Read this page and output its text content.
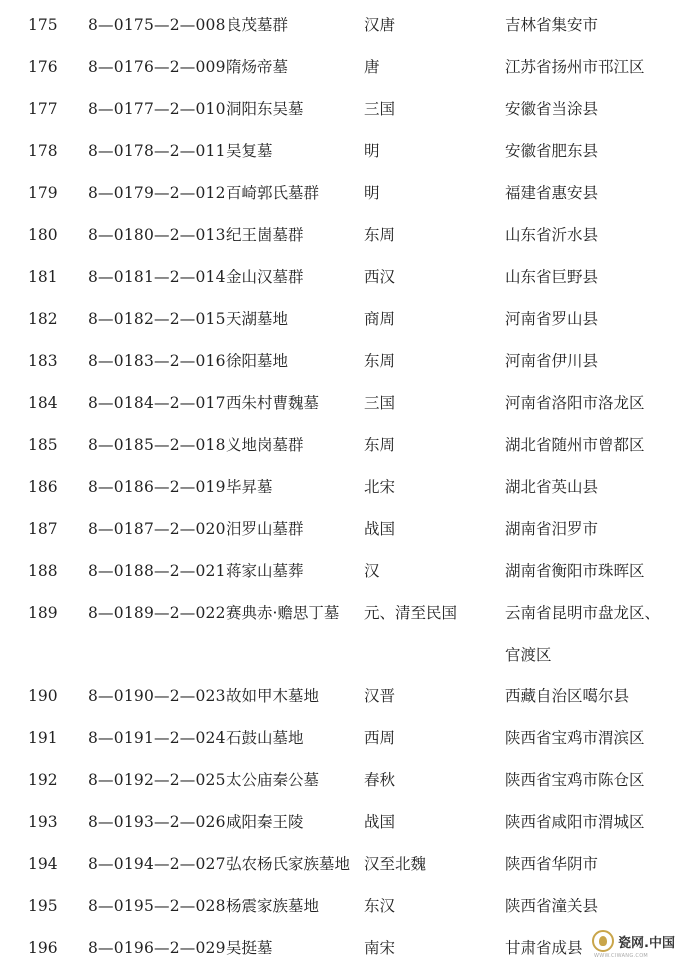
175 8—0175—2—008 良茂墓群	汉唐	吉林省集安市
176 8—0176—2—009 隋炀帝墓	唐	江苏省扬州市邗江区
177 8—0177—2—010 洞阳东吴墓	三国	安徽省当涂县
178 8—0178—2—011 吴复墓	明	安徽省肥东县
179 8—0179—2—012 百崎郭氏墓群	明	福建省惠安县
180 8—0180—2—013 纪王崮墓群	东周	山东省沂水县
181 8—0181—2—014 金山汉墓群	西汉	山东省巨野县
182 8—0182—2—015 天湖墓地	商周	河南省罗山县
183 8—0183—2—016 徐阳墓地	东周	河南省伊川县
184 8—0184—2—017 西朱村曹魏墓	三国	河南省洛阳市洛龙区
185 8—0185—2—018 义地岗墓群	东周	湖北省随州市曾都区
186 8—0186—2—019 毕昇墓	北宋	湖北省英山县
187 8—0187—2—020 汨罗山墓群	战国	湖南省汨罗市
188 8—0188—2—021 蒋家山墓葬	汉	湖南省衡阳市珠晖区
189 8—0189—2—022 赛典赤·赡思丁墓 元、清至民国	云南省昆明市盘龙区、
官渡区
190 8—0190—2—023 故如甲木墓地	汉晋	西藏自治区噶尔县
191 8—0191—2—024 石鼓山墓地	西周	陕西省宝鸡市渭滨区
192 8—0192—2—025 太公庙秦公墓	春秋	陕西省宝鸡市陈仓区
193 8—0193—2—026 咸阳秦王陵	战国	陕西省咸阳市渭城区
194 8—0194—2—027 弘农杨氏家族墓地 汉至北魏	陕西省华阴市
195 8—0195—2—028 杨震家族墓地	东汉	陕西省潼关县
196 8—0196—2—029 吴挺墓	南宋	甘肃省成县	瓷网.中国
WWW.CIWANG.COM
